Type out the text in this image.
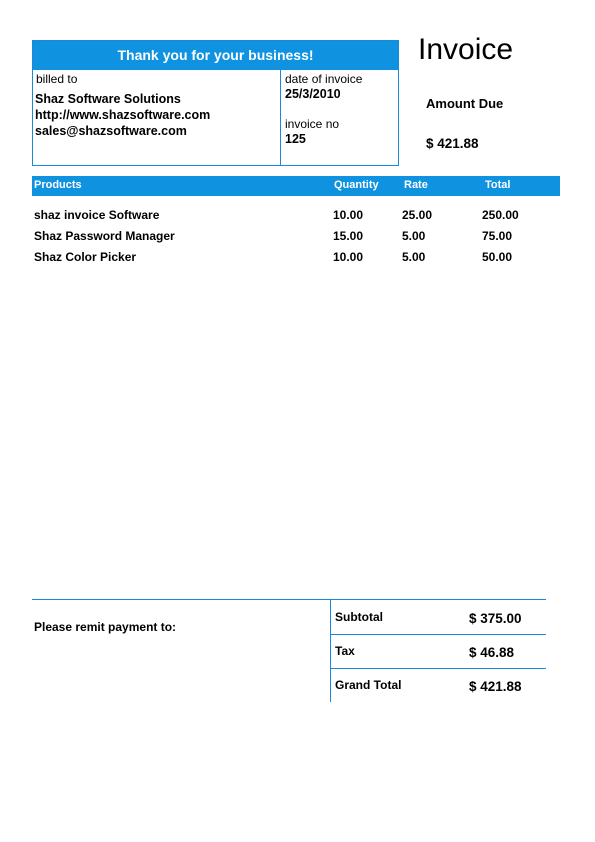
Thank you for your business!
billed to
Shaz Software Solutions
http://www.shazsoftware.com
sales@shazsoftware.com
date of invoice
25/3/2010
invoice no
125
Invoice
Amount Due
$ 421.88
Products	Quantity Rate	Total
shaz invoice Software	10.00	25.00	250.00
Shaz Password Manager	15.00	5.00	75.00
Shaz Color Picker	10.00	5.00	50.00
Please remit payment to:
Subtotal	$ 375.00
Tax	$ 46.88
Grand Total	$ 421.88
